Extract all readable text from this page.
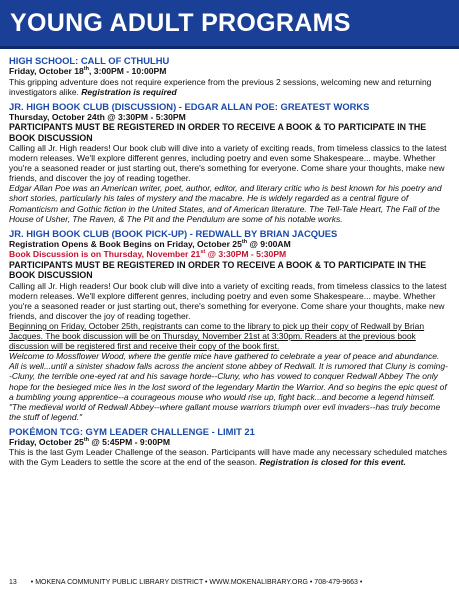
YOUNG ADULT PROGRAMS
HIGH SCHOOL: CALL OF CTHULHU
Friday, October 18th, 3:00PM - 10:00PM

This gripping adventure does not require experience from the previous 2 sessions, welcoming new and returning investigators alike. Registration is required

JR. HIGH BOOK CLUB (DISCUSSION) - EDGAR ALLAN POE: GREATEST WORKS
Thursday, October 24th @ 3:30PM - 5:30PM
PARTICIPANTS MUST BE REGISTERED IN ORDER TO RECEIVE A BOOK & TO PARTICIPATE IN THE BOOK DISCUSSION

Calling all Jr. High readers! Our book club will dive into a variety of exciting reads, from timeless classics to the latest modern releases. We'll explore different genres, including poetry and even some Shakespeare... maybe. Whether you're a seasoned reader or just starting out, there's something for everyone. Come share your thoughts, make new friends, and discover the joy of reading together.

Edgar Allan Poe was an American writer, poet, author, editor, and literary critic who is best known for his poetry and short stories, particularly his tales of mystery and the macabre. He is widely regarded as a central figure of Romanticism and Gothic fiction in the United States, and of American literature. The Tell-Tale Heart, The Fall of the House of Usher, The Raven, & The Pit and the Pendulum are some of his notable works.

JR. HIGH BOOK CLUB (BOOK PICK-UP) - REDWALL BY BRIAN JACQUES
Registration Opens & Book Begins on Friday, October 25th @ 9:00AM
Book Discussion is on Thursday, November 21st @ 3:30PM - 5:30PM
PARTICIPANTS MUST BE REGISTERED IN ORDER TO RECEIVE A BOOK & TO PARTICIPATE IN THE BOOK DISCUSSION

Calling all Jr. High readers! Our book club will dive into a variety of exciting reads, from timeless classics to the latest modern releases. We'll explore different genres, including poetry and even some Shakespeare... maybe. Whether you're a seasoned reader or just starting out, there's something for everyone. Come share your thoughts, make new friends, and discover the joy of reading together.

Beginning on Friday, October 25th, registrants can come to the library to pick up their copy of Redwall by Brian Jacques. The book discussion will be on Thursday, November 21st at 3:30pm. Readers at the previous book discussion will be registered first and receive their copy of the book first.

Welcome to Mossflower Wood, where the gentle mice have gathered to celebrate a year of peace and abundance. All is well...until a sinister shadow falls across the ancient stone abbey of Redwall. It is rumored that Cluny is coming--Cluny, the terrible one-eyed rat and his savage horde--Cluny, who has vowed to conquer Redwall Abbey The only hope for the besieged mice lies in the lost sword of the legendary Martin the Warrior. And so begins the epic quest of a bumbling young apprentice--a courageous mouse who would rise up, fight back...and become a legend himself. "The medieval world of Redwall Abbey--where gallant mouse warriors triumph over evil invaders--has truly become the stuff of legend."

POKÉMON TCG: GYM LEADER CHALLENGE - LIMIT 21
Friday, October 25th @ 5:45PM - 9:00PM

This is the last Gym Leader Challenge of the season. Participants will have made any necessary scheduled matches with the Gym Leaders to settle the score at the end of the season. Registration is closed for this event.

13 • MOKENA COMMUNITY PUBLIC LIBRARY DISTRICT • WWW.MOKENALIBRARY.ORG • 708-479-9663 •
